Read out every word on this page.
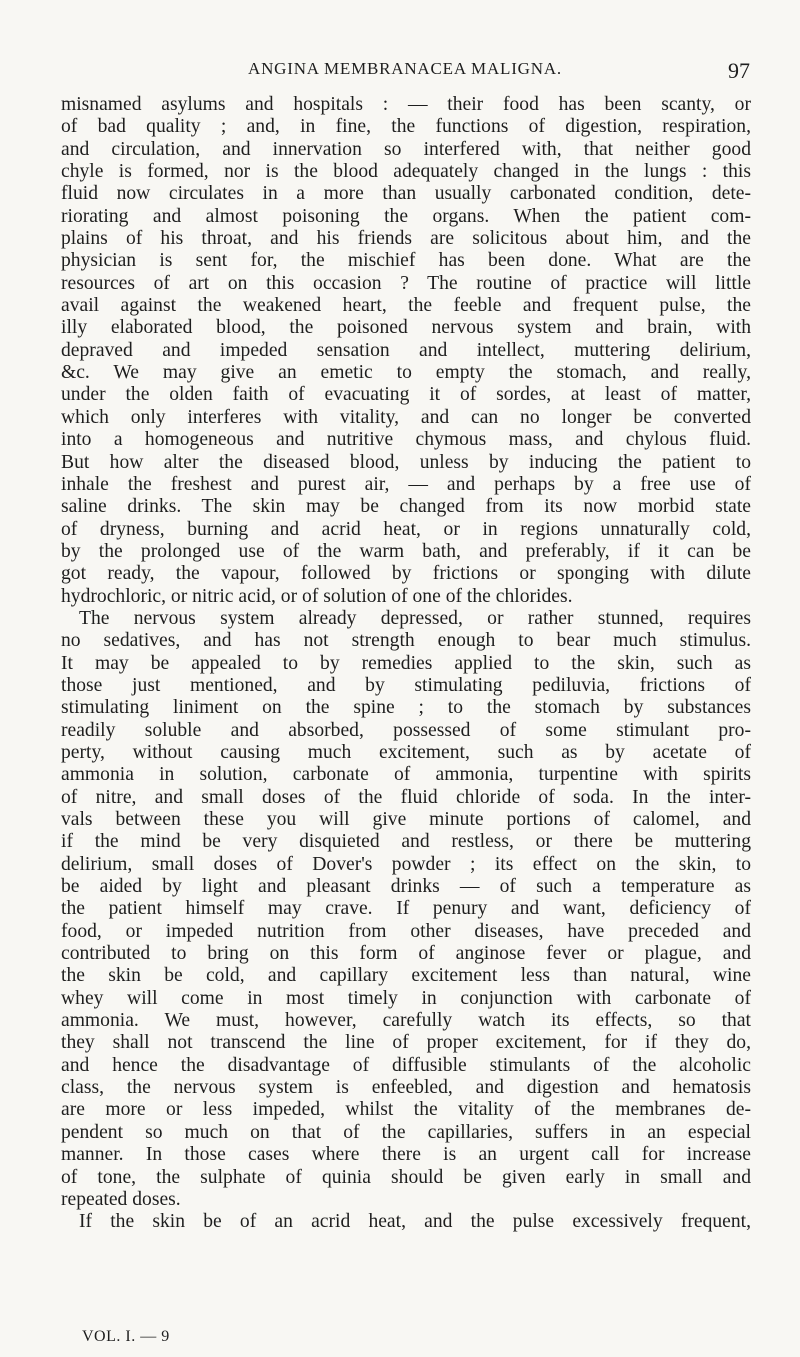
ANGINA MEMBRANACEA MALIGNA.	97
misnamed asylums and hospitals : — their food has been scanty, or
of bad quality ; and, in fine, the functions of digestion, respiration,
and circulation, and innervation so interfered with, that neither good
chyle is formed, nor is the blood adequately changed in the lungs : this
fluid now circulates in a more than usually carbonated condition, dete-
riorating and almost poisoning the organs. When the patient com-
plains of his throat, and his friends are solicitous about him, and the
physician is sent for, the mischief has been done. What are the
resources of art on this occasion ? The routine of practice will little
avail against the weakened heart, the feeble and frequent pulse, the
illy elaborated blood, the poisoned nervous system and brain, with
depraved and impeded sensation and intellect, muttering delirium,
&c. We may give an emetic to empty the stomach, and really,
under the olden faith of evacuating it of sordes, at least of matter,
which only interferes with vitality, and can no longer be converted
into a homogeneous and nutritive chymous mass, and chylous fluid.
But how alter the diseased blood, unless by inducing the patient to
inhale the freshest and purest air, — and perhaps by a free use of
saline drinks. The skin may be changed from its now morbid state
of dryness, burning and acrid heat, or in regions unnaturally cold,
by the prolonged use of the warm bath, and preferably, if it can be
got ready, the vapour, followed by frictions or sponging with dilute
hydrochloric, or nitric acid, or of solution of one of the chlorides.
The nervous system already depressed, or rather stunned, requires
no sedatives, and has not strength enough to bear much stimulus.
It may be appealed to by remedies applied to the skin, such as
those just mentioned, and by stimulating pediluvia, frictions of
stimulating liniment on the spine ; to the stomach by substances
readily soluble and absorbed, possessed of some stimulant pro-
perty, without causing much excitement, such as by acetate of
ammonia in solution, carbonate of ammonia, turpentine with spirits
of nitre, and small doses of the fluid chloride of soda. In the inter-
vals between these you will give minute portions of calomel, and
if the mind be very disquieted and restless, or there be muttering
delirium, small doses of Dover's powder ; its effect on the skin, to
be aided by light and pleasant drinks — of such a temperature as
the patient himself may crave. If penury and want, deficiency of
food, or impeded nutrition from other diseases, have preceded and
contributed to bring on this form of anginose fever or plague, and
the skin be cold, and capillary excitement less than natural, wine
whey will come in most timely in conjunction with carbonate of
ammonia. We must, however, carefully watch its effects, so that
they shall not transcend the line of proper excitement, for if they do,
and hence the disadvantage of diffusible stimulants of the alcoholic
class, the nervous system is enfeebled, and digestion and hematosis
are more or less impeded, whilst the vitality of the membranes de-
pendent so much on that of the capillaries, suffers in an especial
manner. In those cases where there is an urgent call for increase
of tone, the sulphate of quinia should be given early in small and
repeated doses.
If the skin be of an acrid heat, and the pulse excessively frequent,
VOL. I. — 9
